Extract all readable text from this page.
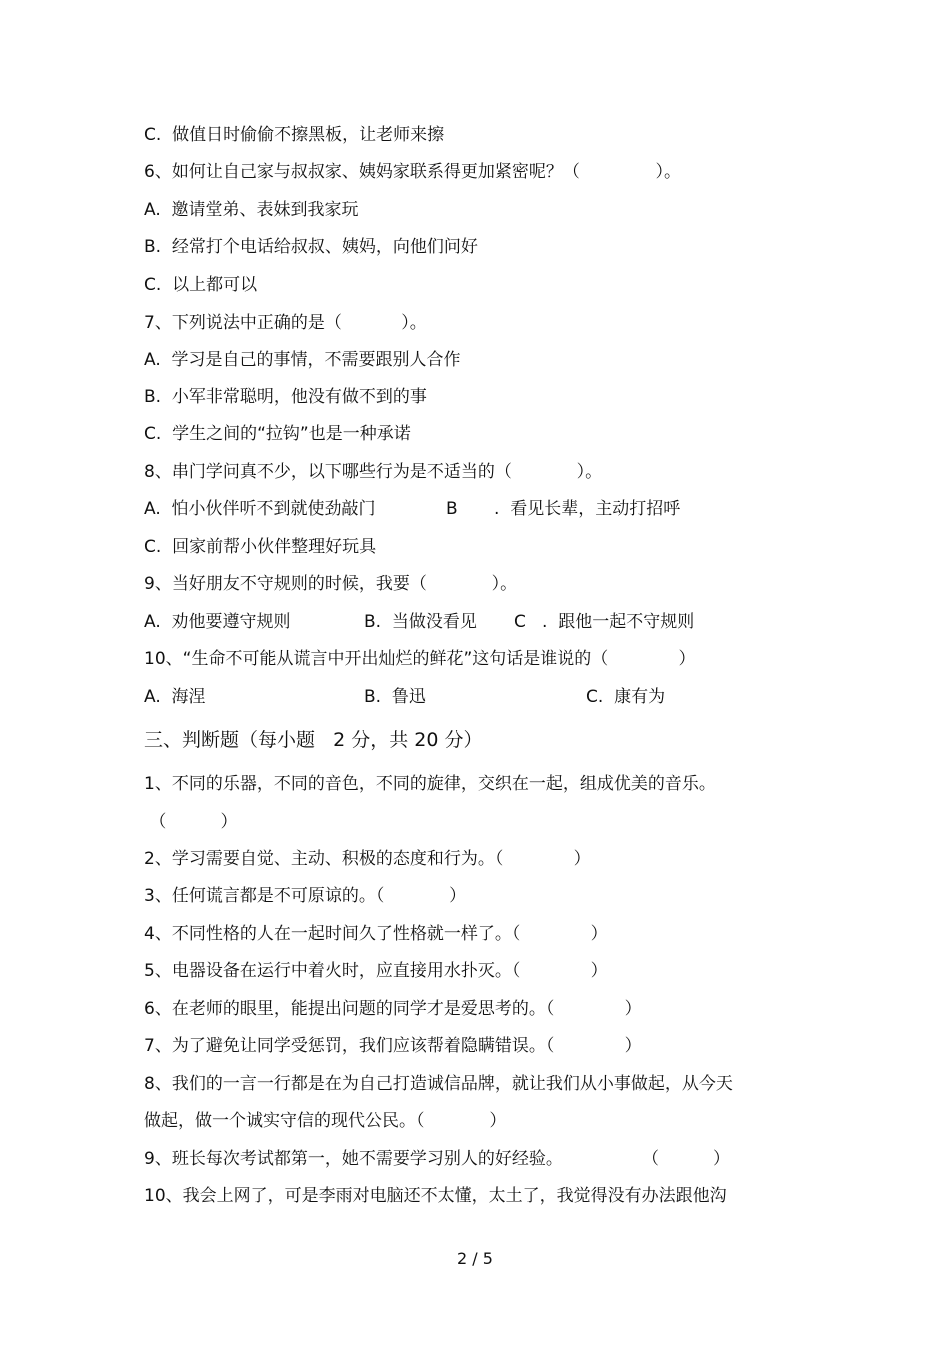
C.  做值日时偷偷不擦黑板，让老师来擦
6、如何让自己家与叔叔家、姨妈家联系得更加紧密呢？（              ）。
A.  邀请堂弟、表妹到我家玩
B.  经常打个电话给叔叔、姨妈，向他们问好
C.  以上都可以
7、下列说法中正确的是（           ）。
A.  学习是自己的事情，不需要跟别人合作
B.  小军非常聪明，他没有做不到的事
C.  学生之间的“拉钩”也是一种承诺
8、串门学问真不少，以下哪些行为是不适当的（            ）。
A.  怕小伙伴听不到就使劲敲门	B .  看见长辈，主动打招呼
C.  回家前帮小伙伴整理好玩具
9、当好朋友不守规则的时候，我要（            ）。
A.  劝他要遵守规则	B.  当做没看见 C .  跟他一起不守规则
10、“生命不可能从谎言中开出灿烂的鲜花”这句话是谁说的（             ）
A.  海涅	B.  鲁迅	C.  康有为
三、判断题（每小题   2 分，共 20 分）
1、不同的乐器，不同的音色，不同的旋律，交织在一起，组成优美的音乐。
（          ）
2、学习需要自觉、主动、积极的态度和行为。（             ）
3、任何谎言都是不可原谅的。（            ）
4、不同性格的人在一起时间久了性格就一样了。（             ）
5、电器设备在运行中着火时，应直接用水扑灭。（             ）
6、在老师的眼里，能提出问题的同学才是爱思考的。（             ）
7、为了避免让同学受惩罚，我们应该帮着隐瞒错误。（             ）
8、我们的一言一行都是在为自己打造诚信品牌，就让我们从小事做起，从今天
做起，做一个诚实守信的现代公民。（            ）
9、班长每次考试都第一，她不需要学习别人的好经验。	（          ）
10、我会上网了，可是李雨对电脑还不太懂，太土了，我觉得没有办法跟他沟
2 / 5
